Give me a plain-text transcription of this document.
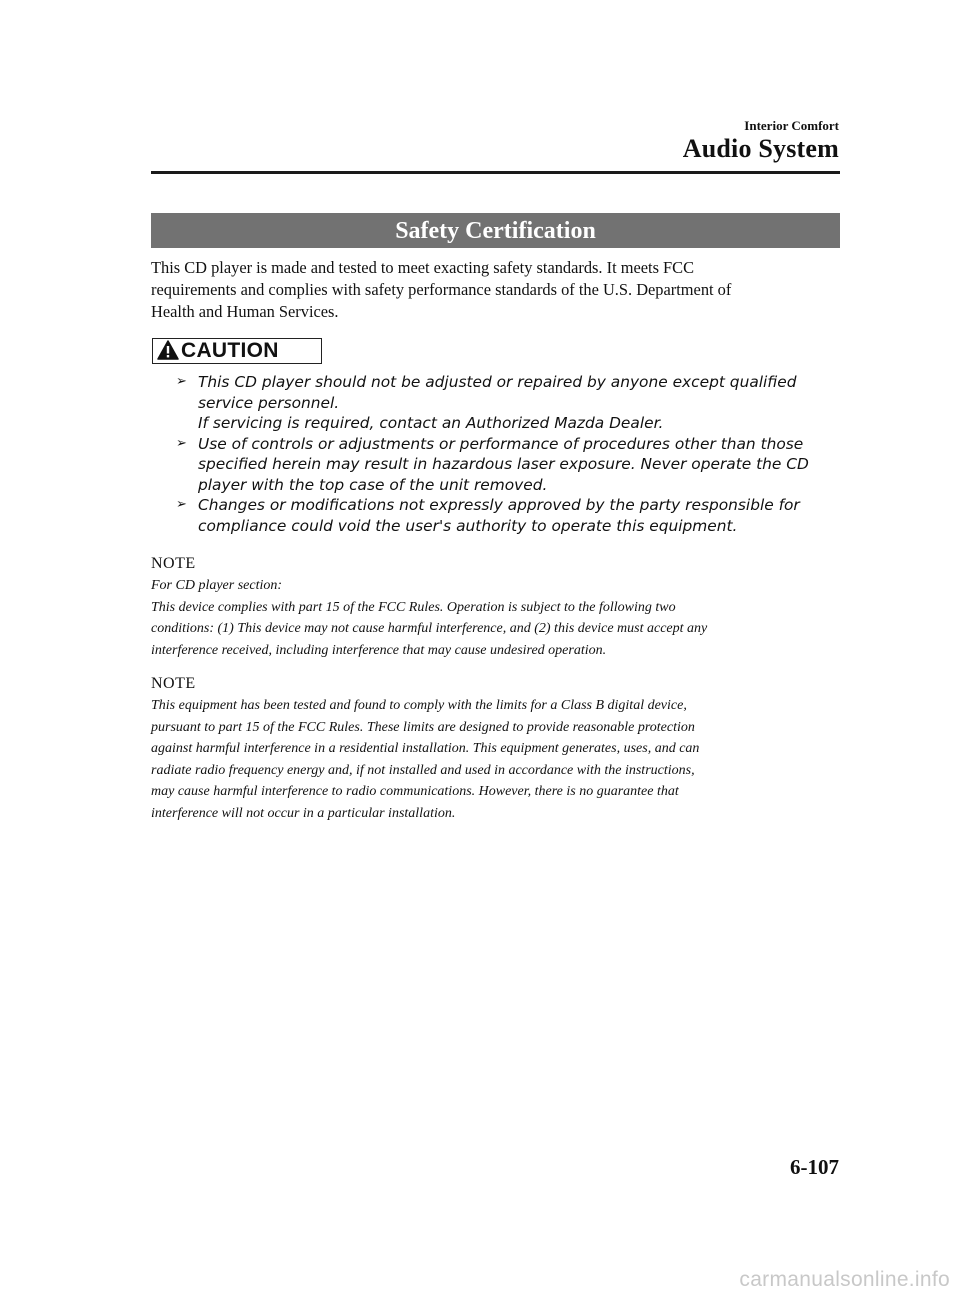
Interior Comfort
Audio System
Safety Certification

This CD player is made and tested to meet exacting safety standards. It meets FCC
requirements and complies with safety performance standards of the U.S. Department of
Health and Human Services.

CAUTION
➢ This CD player should not be adjusted or repaired by anyone except qualified
service personnel.
If servicing is required, contact an Authorized Mazda Dealer.
➢ Use of controls or adjustments or performance of procedures other than those
specified herein may result in hazardous laser exposure. Never operate the CD
player with the top case of the unit removed.
➢ Changes or modifications not expressly approved by the party responsible for
compliance could void the user's authority to operate this equipment.
NOTE

For CD player section:
This device complies with part 15 of the FCC Rules. Operation is subject to the following two
conditions: (1) This device may not cause harmful interference, and (2) this device must accept any
interference received, including interference that may cause undesired operation.

NOTE

This equipment has been tested and found to comply with the limits for a Class B digital device,
pursuant to part 15 of the FCC Rules. These limits are designed to provide reasonable protection
against harmful interference in a residential installation. This equipment generates, uses, and can
radiate radio frequency energy and, if not installed and used in accordance with the instructions,
may cause harmful interference to radio communications. However, there is no guarantee that
interference will not occur in a particular installation.

6-107
carmanualsonline.info
